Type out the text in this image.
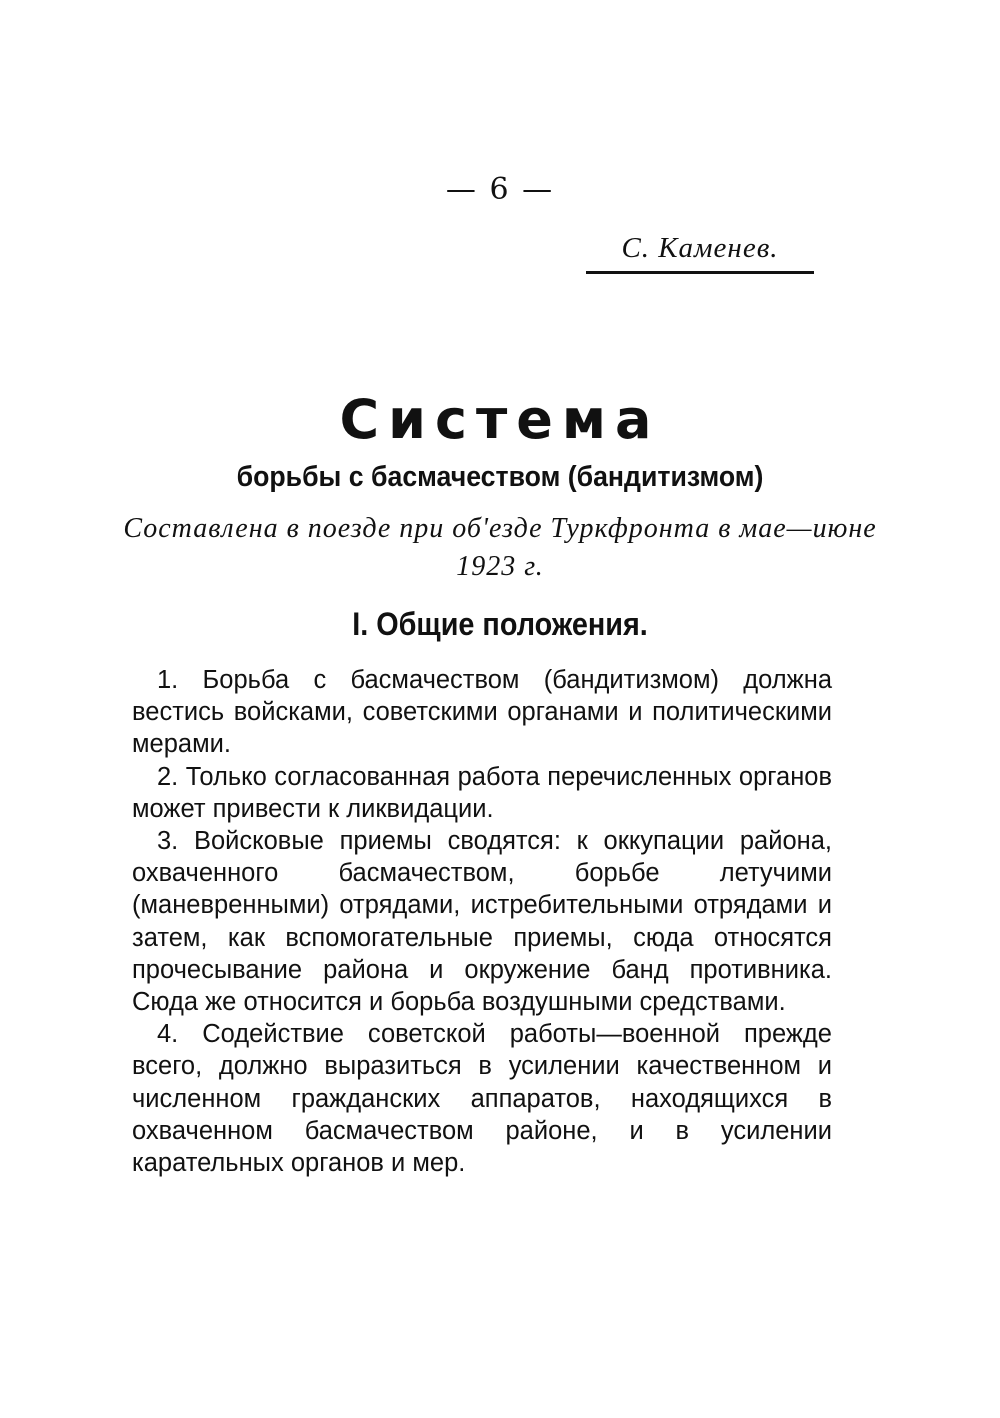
— 6 —
С. Каменев.
Система
борьбы с басмачеством (бандитизмом)
Составлена в поезде при об'езде Туркфронта в мае—июне 1923 г.
I. Общие положения.

1. Борьба с басмачеством (бандитизмом) должна вестись войсками, советскими органами и политическими мерами.

2. Только согласованная работа перечисленных органов может привести к ликвидации.

3. Войсковые приемы сводятся: к оккупации района, охваченного басмачеством, борьбе летучими (маневренными) отрядами, истребительными отрядами и затем, как вспомогательные приемы, сюда относятся прочесывание района и окружение банд противника. Сюда же относится и борьба воздушными средствами.

4. Содействие советской работы—военной прежде всего, должно выразиться в усилении качественном и численном гражданских аппаратов, находящихся в охваченном басмачеством районе, и в усилении карательных органов и мер.
